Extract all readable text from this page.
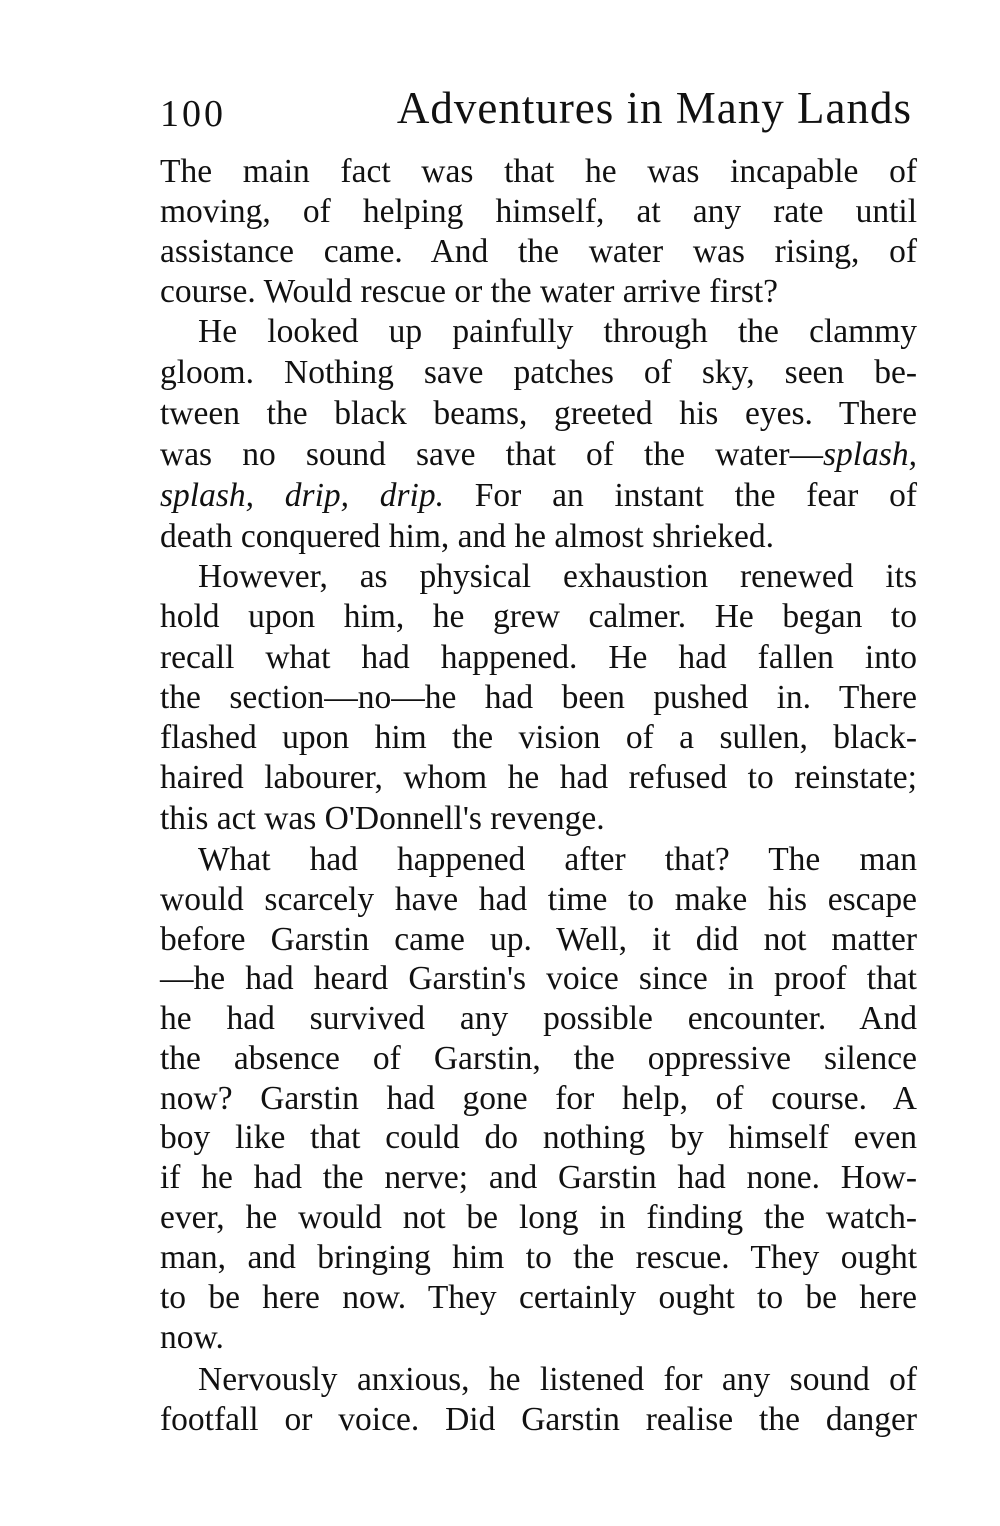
100	Adventures in Many Lands
The main fact was that he was incapable of
moving, of helping himself, at any rate until
assistance came. And the water was rising, of
course. Would rescue or the water arrive first?
He looked up painfully through the clammy
gloom. Nothing save patches of sky, seen be-
tween the black beams, greeted his eyes. There
was no sound save that of the water—splash,
splash, drip, drip. For an instant the fear of
death conquered him, and he almost shrieked.
However, as physical exhaustion renewed its
hold upon him, he grew calmer. He began to
recall what had happened. He had fallen into
the section—no—he had been pushed in. There
flashed upon him the vision of a sullen, black-
haired labourer, whom he had refused to reinstate;
this act was O'Donnell's revenge.
What had happened after that? The man
would scarcely have had time to make his escape
before Garstin came up. Well, it did not matter
—he had heard Garstin's voice since in proof that
he had survived any possible encounter. And
the absence of Garstin, the oppressive silence
now? Garstin had gone for help, of course. A
boy like that could do nothing by himself even
if he had the nerve; and Garstin had none. How-
ever, he would not be long in finding the watch-
man, and bringing him to the rescue. They ought
to be here now. They certainly ought to be here
now.
Nervously anxious, he listened for any sound of
footfall or voice. Did Garstin realise the danger
